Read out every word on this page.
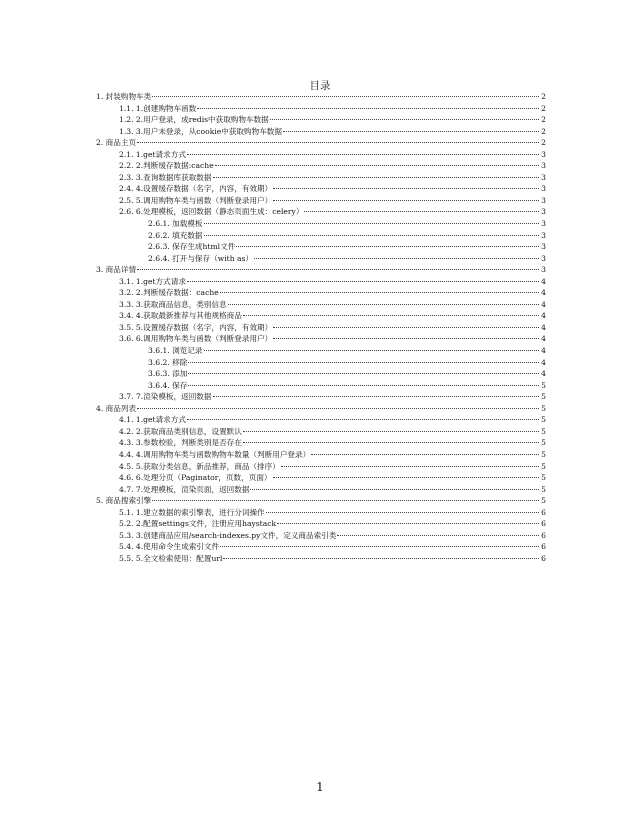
目录
1. 封装购物车类	2
1.1. 1.创建购物车函数	2
1.2. 2.用户登录，成redis中获取购物车数据	2
1.3. 3.用户未登录，从cookie中获取购物车数据	2
2. 商品主页	2
2.1. 1.get请求方式	3
2.2. 2.判断缓存数据:cache	3
2.3. 3.查询数据库获取数据	3
2.4. 4.设置缓存数据（名字，内容，有效期）	3
2.5. 5.调用购物车类与函数（判断登录用户）	3
2.6. 6.处理模板，返回数据（静态页面生成：celery）	3
2.6.1. 加载模板	3
2.6.2. 填充数据	3
2.6.3. 保存生成html文件	3
2.6.4. 打开与保存（with as）	3
3. 商品详情	3
3.1. 1.get方式请求	4
3.2. 2.判断缓存数据：cache	4
3.3. 3.获取商品信息，类别信息	4
3.4. 4.获取最新推荐与其他规格商品	4
3.5. 5.设置缓存数据（名字，内容，有效期）	4
3.6. 6.调用购物车类与函数（判断登录用户）	4
3.6.1. 浏览记录	4
3.6.2. 移除	4
3.6.3. 添加	4
3.6.4. 保存	5
3.7. 7.渲染模板，返回数据	5
4. 商品列表	5
4.1. 1.get请求方式	5
4.2. 2.获取商品类别信息，设置默认	5
4.3. 3.参数校验，判断类别是否存在	5
4.4. 4.调用购物车类与函数购物车数量（判断用户登录）	5
4.5. 5.获取分类信息，新品推荐，商品（排序）	5
4.6. 6.处理分页（Paginator，页数，页面）	5
4.7. 7.处理模板，渲染页面，返回数据	5
5. 商品搜索引擎	5
5.1. 1.建立数据的索引擎表，进行分词操作	6
5.2. 2.配置settings文件，注册应用haystack	6
5.3. 3.创建商品应用/search-indexes.py文件，定义商品索引类	6
5.4. 4.使用命令生成索引文件	6
5.5. 5.全文检索使用：配置url	6
1
